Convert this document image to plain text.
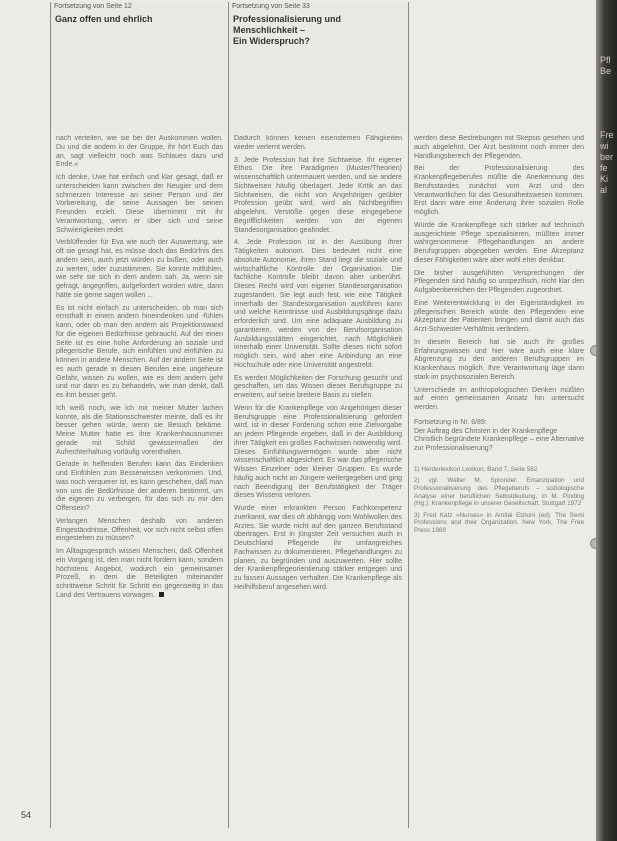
Fortsetzung von Seite 12
Ganz offen und ehrlich
Fortsetzung von Seite 33
Professionalisierung und Menschlichkeit –
Ein Widerspruch?

nach verteilen, wie sie bei der Auskommen wollen. Du und die andern in der Gruppe, ihr hört Euch das an, sagt vielleicht noch was Schlaues dazu und Ende.«

Ich denke, Uwe hat einfach und klar gesagt, daß er unterscheiden kann zwischen der Neugier und dem schmerzen Interesse an seiner Person und der Vorbereitung, die seine Aussagen bei seinen Freunden erzielt. Diese übernimmt mit ihr Verantwortung, wenn er über sich und seine Schwierigkeiten redet.

Verblüffender für Eva wie auch der Auswertung, wie oft sie gesagt hat, es müsse doch das Bedürfnis des andern sein, auch jetzt würden zu bußen, oder auch zu werten, oder zuzustimmen. Sie konnte mitfühlen, wie sehr sie sich in dem andern sah. Ja, wenn sie gefragt, angegriffen, aufgefordert worden wäre, dann hätte sie gerne sagen wollen ...

Es ist nicht einfach zu unterscheiden, ob man sich ernsthaft in einem andern hineindenken und -fühlen kann, oder ob man den andern als Projektionswand für die eigenen Bedürfnisse gebraucht. Auf der einen Seite ist es eine hohe Anforderung an soziale und pflegerische Berufe, sich einfühlen und einfühlen zu können in andere Menschen. Auf der andern Seite ist es auch gerade in diesen Berufen eine ungeheure Gefahr, wissen zu wollen, wie es dem andern geht und nur dann es zu behandeln, wie man denkt, daß es ihm besser geht.

Ich weiß noch, wie ich mir meiner Mutter lachen konnte, als die Stationsschwester meinte, daß es ihr besser gehen würde, wenn sie Besuch bekäme. Meine Mutter hatte es ihre Krankenhausnummer gerade mit Schild gewissermaßen der Aufrechterhaltung vorläufig vorenthalten.

Gerade in helfenden Berufen kann das Eindenken und Einfühlen zum Besserwissen verkommen. Und, was noch verquerer ist, es kann geschehen, daß man von uns die Bedürfnisse der anderen bestimmt, um die eigenen zu verbergen, für das sich zu mir den Offensein?

Verlangen Menschen deshalb von anderen Eingeständnisse, Offenheit, vor sich nicht selbst offen eingestehen zu müssen?

Im Alltagsgespräch wissen Menschen, daß Offenheit ein Vorgang ist, den man nicht fordern kann, sondern höchstens Angebot, wodurch ein gemeinsamer Prozeß, in dem die Beteiligten miteinander schrittweise Schritt für Schritt ein gegenseitig in das Land des Vertrauens vorwagen.

Dadurch können keinen eisenstemen Fähigkeiten wieder verlernt werden.

3. Jede Profession hat ihre Sichtweise. Ihr eigener Ethos. Die ihre Paradigmen (Muster/Theorien) wissenschaftlich untermauert werden, und sie andere Sichtweisen häufig überlagert. Jede Kritik an das Sichtweisen, die nicht von Angehörigen geübter Profession geübt wird, wird als Nichtbegriffen abgelehnt. Verstöße gegen diese eingegebene Begrifflichkeiten werden von der eigenen Standesorganisation geahndet.

4. Jede Profession ist in der Ausübung ihrer Tätigkeiten autonom. Dies bedeutet nicht eine absolute Autonomie, ihren Stand liegt die soziale und wirtschaftliche Kontrolle der Organisation. Die fachliche Kontrolle bleibt davon aber unberührt. Dieses Recht wird von eigener Standesorganisation zugestanden. Sie legt auch fest, wie eine Tätigkeit innerhalb der Standesorganisation ausführen kann und welche Kenntnisse und Ausbildungsgänge dazu erforderlich sind. Um eine adäquate Ausbildung zu garantieren, werden von der Berufsorganisation Ausbildungsstätten eingerichtet, nach Möglichkeit innerhalb einer Universität. Sollte dieses nicht sofort möglich sein, wird aber eine Anbindung an eine Hochschule oder eine Universität angestrebt.

Es werden Möglichkeiten der Forschung gesucht und geschaffen, um das Wissen dieser Berufsgruppe zu erweitern, auf seine breitere Basis zu stellen.

Wenn für die Krankenpflege von Angehörigen dieser Berufsgruppe eine Professionalisierung gefordert wird, ist in dieser Forderung schon eine Zielvorgabe an jedem Pflegende ergeben, daß in der Ausbildung ihrer Tätigkeit ein großes Fachwissen notwendig wird. Dieses Einfühlungsvermögen wurde aber nicht wissenschaftlich abgesichert. Es war das pflegerische Wissen Einzelner oder kleiner Gruppen. Es wurde häufig auch nicht an Jüngere weitergegeben und ging nach Beendigung der Berufstätigkeit der Träger dieses Wissens verloren.

Wurde einer erkrankten Person Fachkompetenz zuerkannt, war dies oft abhängig vom Wohlwollen des Arztes. Sie wurde nicht auf den ganzen Berufsstand übertragen. Erst in jüngster Zeit versuchen auch in Deutschland Pflegende ihr umfangreiches Fachwissen zu dokumentieren, Pflegehandlungen zu planen, zu begründen und auszuwerten. Hier sollte der Krankenpflegeorientierung stärker entgegen und zu fassen Aussagen verhalten. Die Krankenpflege als Heilhilfsberuf angesehen wird.

werden diese Bestrebungen mit Skepsis gesehen und auch abgelehnt. Der Arzt bestimmt noch immer den Handlungsbereich der Pflegenden.

Bei der Professionalisierung des Krankenpflegeberufes müßte die Anerkennung des Berufsstandes zunächst vom Arzt und den Verantwortlichen für das Gesundheitswesen kommen. Erst dann wäre eine Änderung ihrer sozialen Rolle möglich.

Würde die Krankenpflege sich stärker auf technisch ausgerichtete Pflege spezialisieren, müßten immer wahrgenommene Pflegehandlungen an andere Berufsgruppen abgegeben werden. Eine Akzeptanz dieser Fähigkeiten wäre aber wohl eher denkbar.

Die bisher ausgeführten Versprechungen der Pflegenden sind häufig so unspezifisch, nicht klar den Aufgabenbereichen der Pflegenden zugeordnet.

Eine Weiterentwicklung in der Eigenständigkeit im pflegerischen Bereich würde den Pflegenden eine Akzeptanz der Patienten bringen und damit auch das Arzt-Schwester-Verhältnis verändern.

In diesem Bereich hat sie auch ihr großes Erfahrungswissen und hier wäre auch eine klare Abgrenzung zu den anderen Berufsgruppen im Krankenhaus möglich. Ihre Verantwortung läge dann stark im psychosozialen Bereich.

Unterschiede im anthropologischen Denken müßten auf einen gemeinsamen Ansatz hin untersucht werden.

Fortsetzung in Nr. 6/89:

Der Auftrag des Christen in der Krankenpflege

Christlich begründete Krankenpflege – eine Alternative zur Professionalisierung?

1) Herderlexikon Lexikon, Band 7, Seite 582

2) vgl. Walter M. Sprondel: Emanzipation und Professionalisierung des Pflegeberufs – soziologische Analyse einer beruflichen Selbstdeutung, in M. Pinding (Hg.): Krankenpflege in unserer Gesellschaft, Stuttgart 1972

3) Fred Katz »Nurses« in Amitai Etzioni (ed): The Semi Professions and their Organization, New York, The Free Press 1969

54
Pfl
Be
Fre
wi
ber
fe
Ki
al
